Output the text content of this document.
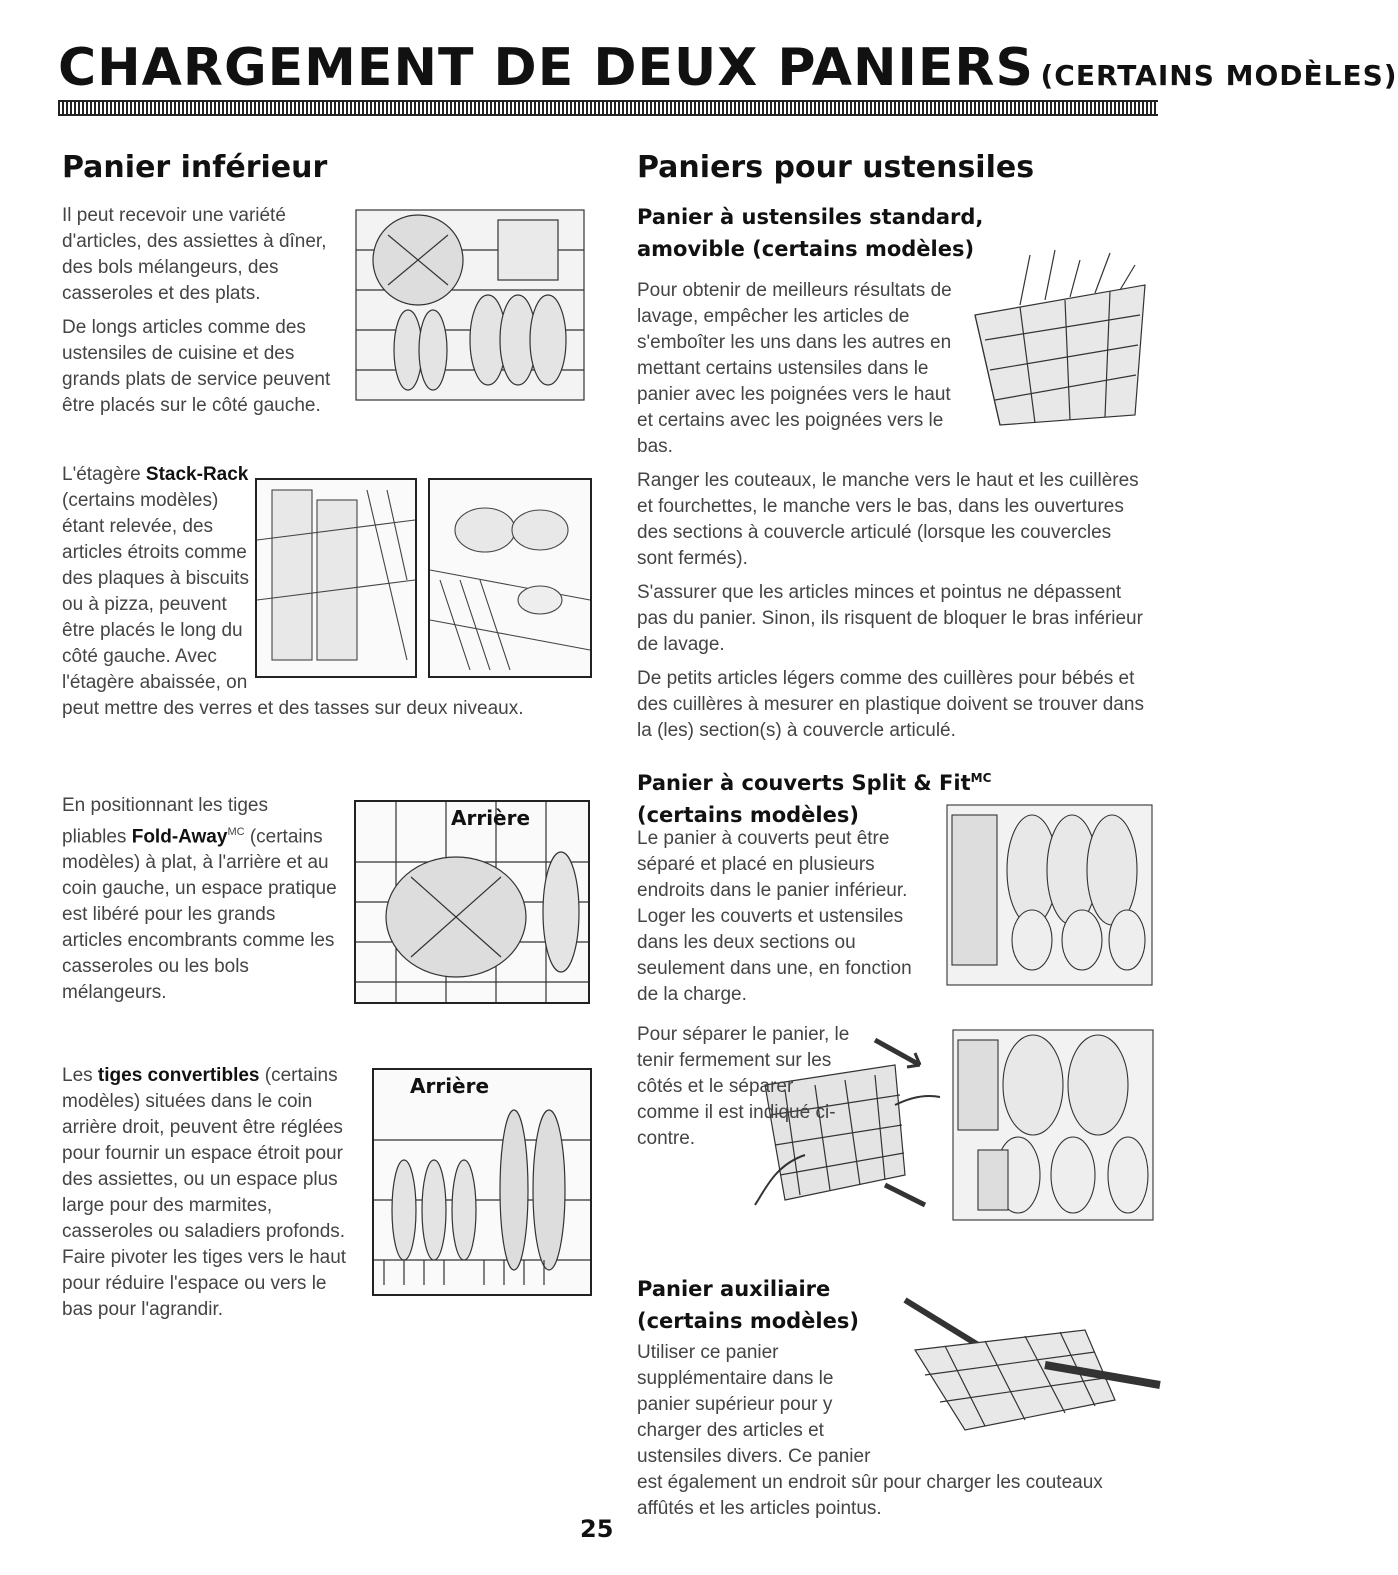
CHARGEMENT DE DEUX PANIERS (CERTAINS MODÈLES)
Panier inférieur

Il peut recevoir une variété d'articles, des assiettes à dîner, des bols mélangeurs, des casseroles et des plats.

De longs articles comme des ustensiles de cuisine et des grands plats de service peuvent être placés sur le côté gauche.

L'étagère Stack-Rack
(certains modèles) étant relevée, des articles étroits comme des plaques à biscuits ou à pizza, peuvent être placés le long du côté gauche. Avec l'étagère abaissée, on peut mettre des verres et des tasses sur deux niveaux.
En positionnant les tiges pliables Fold-Away$^{MC}$ (certains modèles) à plat, à l'arrière et au coin gauche, un espace pratique est libéré pour les grands articles encombrants comme les casseroles ou les bols mélangeurs.
Arrière
Les tiges convertibles (certains modèles) situées dans le coin arrière droit, peuvent être réglées pour fournir un espace étroit pour des assiettes, ou un espace plus large pour des marmites, casseroles ou saladiers profonds. Faire pivoter les tiges vers le haut pour réduire l'espace ou vers le bas pour l'agrandir.
Arrière
Paniers pour ustensiles
Panier à ustensiles standard, amovible (certains modèles)

Pour obtenir de meilleurs résultats de lavage, empêcher les articles de s'emboîter les uns dans les autres en mettant certains ustensiles dans le panier avec les poignées vers le haut et certains avec les poignées vers le bas.

Ranger les couteaux, le manche vers le haut et les cuillères et fourchettes, le manche vers le bas, dans les ouvertures des sections à couvercle articulé (lorsque les couvercles sont fermés).

S'assurer que les articles minces et pointus ne dépassent pas du panier. Sinon, ils risquent de bloquer le bras inférieur de lavage.

De petits articles légers comme des cuillères pour bébés et des cuillères à mesurer en plastique doivent se trouver dans la (les) section(s) à couvercle articulé.

Panier à couverts Split & Fit$^{MC}$ (certains modèles)
Le panier à couverts peut être séparé et placé en plusieurs endroits dans le panier inférieur. Loger les couverts et ustensiles dans les deux sections ou seulement dans une, en fonction de la charge.
Pour séparer le panier, le tenir fermement sur les côtés et le séparer comme il est indiqué ci-contre.
Panier auxiliaire (certains modèles)
Utiliser ce panier supplémentaire dans le panier supérieur pour y charger des articles et ustensiles divers. Ce panier est également un endroit sûr pour charger les couteaux affûtés et les articles pointus.
25
